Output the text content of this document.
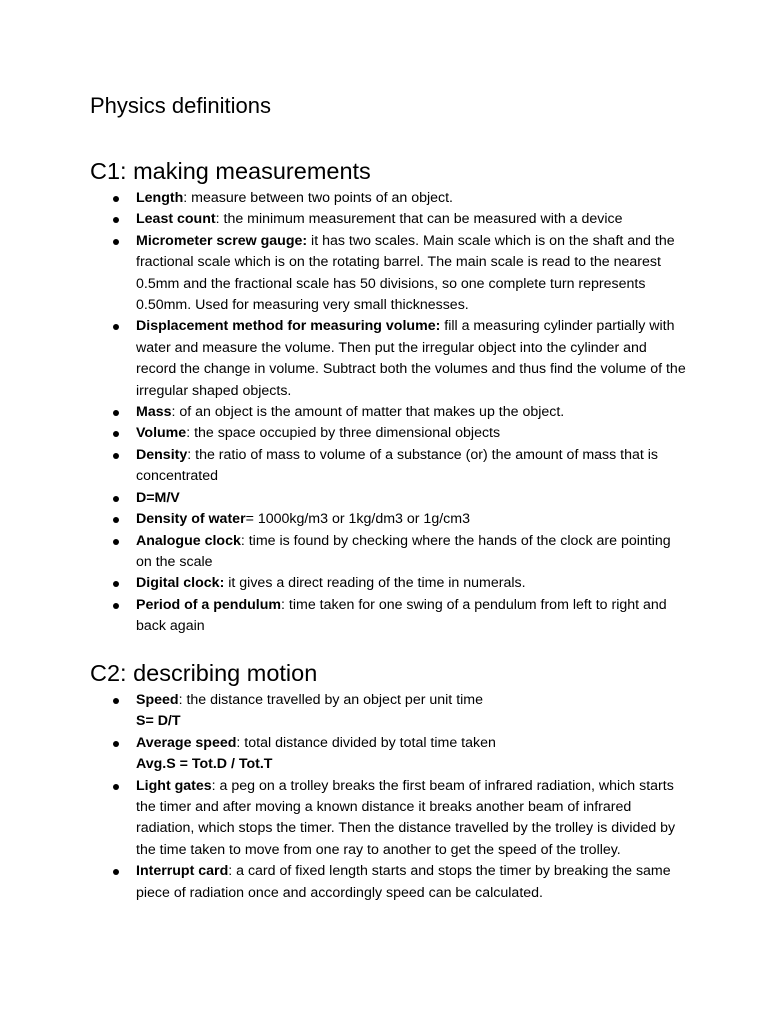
Physics definitions
C1: making measurements
Length: measure between two points of an object.
Least count: the minimum measurement that can be measured with a device
Micrometer screw gauge: it has two scales. Main scale which is on the shaft and the fractional scale which is on the rotating barrel. The main scale is read to the nearest 0.5mm and the fractional scale has 50 divisions, so one complete turn represents 0.50mm. Used for measuring very small thicknesses.
Displacement method for measuring volume: fill a measuring cylinder partially with water and measure the volume. Then put the irregular object into the cylinder and record the change in volume. Subtract both the volumes and thus find the volume of the irregular shaped objects.
Mass: of an object is the amount of matter that makes up the object.
Volume: the space occupied by three dimensional objects
Density: the ratio of mass to volume of a substance (or) the amount of mass that is concentrated
D=M/V
Density of water= 1000kg/m3 or 1kg/dm3 or 1g/cm3
Analogue clock: time is found by checking where the hands of the clock are pointing on the scale
Digital clock: it gives a direct reading of the time in numerals.
Period of a pendulum: time taken for one swing of a pendulum from left to right and back again
C2: describing motion
Speed: the distance travelled by an object per unit time
S= D/T
Average speed: total distance divided by total time taken
Avg.S = Tot.D / Tot.T
Light gates: a peg on a trolley breaks the first beam of infrared radiation, which starts the timer and after moving a known distance it breaks another beam of infrared radiation, which stops the timer. Then the distance travelled by the trolley is divided by the time taken to move from one ray to another to get the speed of the trolley.
Interrupt card: a card of fixed length starts and stops the timer by breaking the same piece of radiation once and accordingly speed can be calculated.
